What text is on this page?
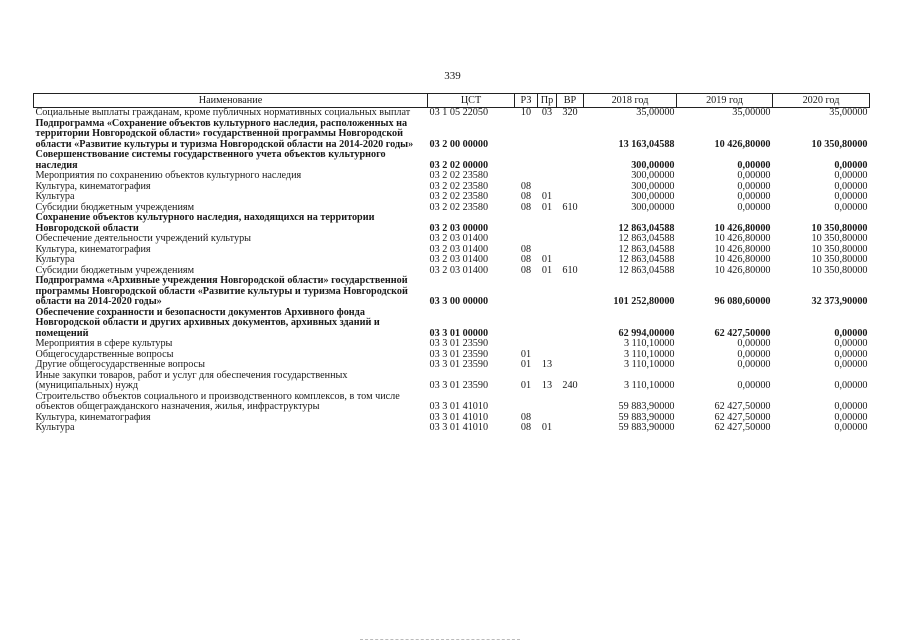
339
Наименование	ЦСТ	РЗ	Пр	ВР	2018 год	2019 год	2020 год
Социальные выплаты гражданам, кроме публичных нормативных социальных выплат	03 1 05 22050	10	03	320	35,00000	35,00000	35,00000
Подпрограмма «Сохранение объектов культурного наследия, расположенных на территории Новгородской области» государственной программы Новгородской области «Развитие культуры и туризма Новгородской области на 2014-2020 годы»	03 2 00 00000				13 163,04588	10 426,80000	10 350,80000
Совершенствование системы государственного учета объектов культурного наследия	03 2 02 00000				300,00000	0,00000	0,00000
Мероприятия по сохранению объектов культурного наследия	03 2 02 23580				300,00000	0,00000	0,00000
Культура, кинематография	03 2 02 23580	08			300,00000	0,00000	0,00000
Культура	03 2 02 23580	08	01		300,00000	0,00000	0,00000
Субсидии бюджетным учреждениям	03 2 02 23580	08	01	610	300,00000	0,00000	0,00000
Сохранение объектов культурного наследия, находящихся на территории Новгородской области	03 2 03 00000				12 863,04588	10 426,80000	10 350,80000
Обеспечение деятельности учреждений культуры	03 2 03 01400				12 863,04588	10 426,80000	10 350,80000
Культура, кинематография	03 2 03 01400	08			12 863,04588	10 426,80000	10 350,80000
Культура	03 2 03 01400	08	01		12 863,04588	10 426,80000	10 350,80000
Субсидии бюджетным учреждениям	03 2 03 01400	08	01	610	12 863,04588	10 426,80000	10 350,80000
Подпрограмма «Архивные учреждения Новгородской области» государственной программы Новгородской области «Развитие культуры и туризма Новгородской области на 2014-2020 годы»	03 3 00 00000				101 252,80000	96 080,60000	32 373,90000
Обеспечение сохранности и безопасности документов Архивного фонда Новгородской области и других архивных документов, архивных зданий и помещений	03 3 01 00000				62 994,00000	62 427,50000	0,00000
Мероприятия в сфере культуры	03 3 01 23590				3 110,10000	0,00000	0,00000
Общегосударственные вопросы	03 3 01 23590	01			3 110,10000	0,00000	0,00000
Другие общегосударственные вопросы	03 3 01 23590	01	13		3 110,10000	0,00000	0,00000
Иные закупки товаров, работ и услуг для обеспечения государственных (муниципальных) нужд	03 3 01 23590	01	13	240	3 110,10000	0,00000	0,00000
Строительство объектов социального и производственного комплексов, в том числе объектов общегражданского назначения, жилья, инфраструктуры	03 3 01 41010				59 883,90000	62 427,50000	0,00000
Культура, кинематография	03 3 01 41010	08			59 883,90000	62 427,50000	0,00000
Культура	03 3 01 41010	08	01		59 883,90000	62 427,50000	0,00000
